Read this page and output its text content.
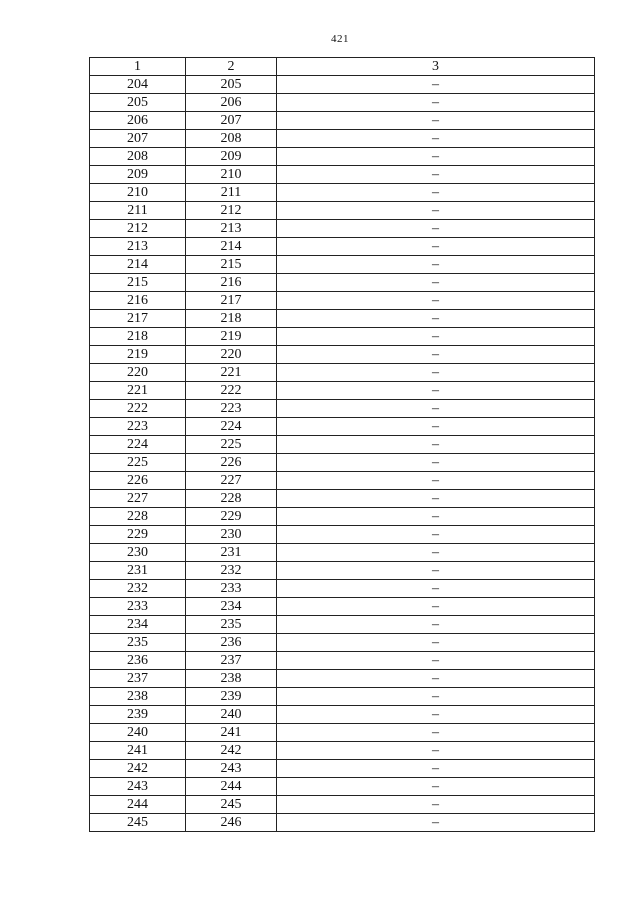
421
1	2	3
204	205	–
205	206	–
206	207	–
207	208	–
208	209	–
209	210	–
210	211	–
211	212	–
212	213	–
213	214	–
214	215	–
215	216	–
216	217	–
217	218	–
218	219	–
219	220	–
220	221	–
221	222	–
222	223	–
223	224	–
224	225	–
225	226	–
226	227	–
227	228	–
228	229	–
229	230	–
230	231	–
231	232	–
232	233	–
233	234	–
234	235	–
235	236	–
236	237	–
237	238	–
238	239	–
239	240	–
240	241	–
241	242	–
242	243	–
243	244	–
244	245	–
245	246	–
